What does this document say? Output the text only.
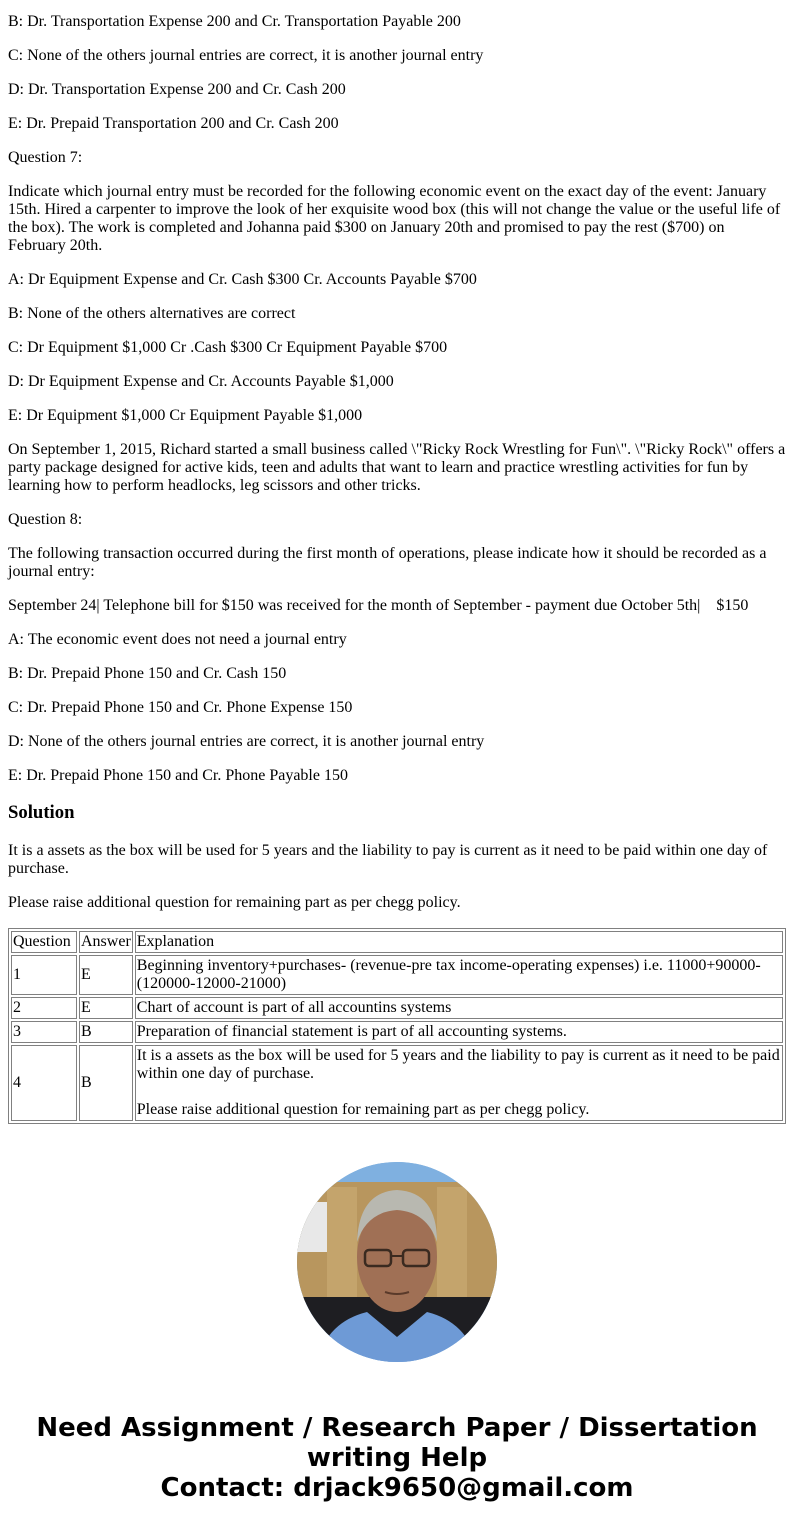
B: Dr. Transportation Expense 200 and Cr. Transportation Payable 200

C: None of the others journal entries are correct, it is another journal entry

D: Dr. Transportation Expense 200 and Cr. Cash 200

E: Dr. Prepaid Transportation 200 and Cr. Cash 200

Question 7:

Indicate which journal entry must be recorded for the following economic event on the exact day of the event: January 15th. Hired a carpenter to improve the look of her exquisite wood box (this will not change the value or the useful life of the box). The work is completed and Johanna paid $300 on January 20th and promised to pay the rest ($700) on February 20th.

A: Dr Equipment Expense and Cr. Cash $300 Cr. Accounts Payable $700

B: None of the others alternatives are correct

C: Dr Equipment $1,000 Cr .Cash $300 Cr Equipment Payable $700

D: Dr Equipment Expense and Cr. Accounts Payable $1,000

E: Dr Equipment $1,000 Cr Equipment Payable $1,000

On September 1, 2015, Richard started a small business called \"Ricky Rock Wrestling for Fun\". \"Ricky Rock\" offers a party package designed for active kids, teen and adults that want to learn and practice wrestling activities for fun by learning how to perform headlocks, leg scissors and other tricks.

Question 8:

The following transaction occurred during the first month of operations, please indicate how it should be recorded as a journal entry:

September 24| Telephone bill for $150 was received for the month of September - payment due October 5th|    $150

A: The economic event does not need a journal entry

B: Dr. Prepaid Phone 150 and Cr. Cash 150

C: Dr. Prepaid Phone 150 and Cr. Phone Expense 150

D: None of the others journal entries are correct, it is another journal entry

E: Dr. Prepaid Phone 150 and Cr. Phone Payable 150

Solution

It is a assets as the box will be used for 5 years and the liability to pay is current as it need to be paid within one day of purchase.

Please raise additional question for remaining part as per chegg policy.

Question	Answer	Explanation
1	E	Beginning inventory+purchases- (revenue-pre tax income-operating expenses) i.e. 11000+90000-(120000-12000-21000)
2	E	Chart of account is part of all accountins systems
3	B	Preparation of financial statement is part of all accounting systems.
4	B	It is a assets as the box will be used for 5 years and the liability to pay is current as it need to be paid within one day of purchase.
Please raise additional question for remaining part as per chegg policy.
Need Assignment / Research Paper / Dissertation writing Help
Contact: drjack9650@gmail.com
